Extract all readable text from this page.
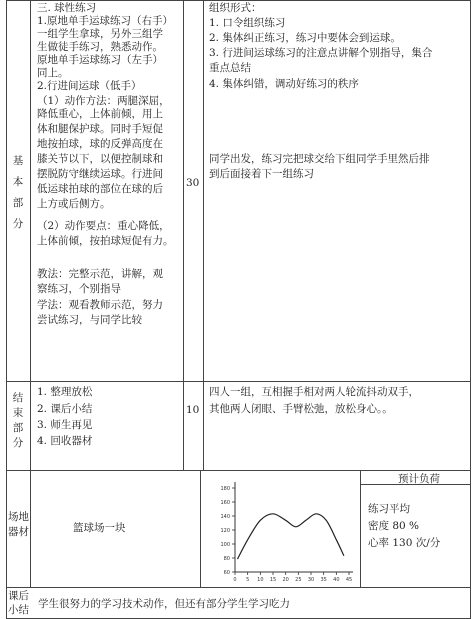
基
本
部
分
三. 球性练习
1.原地单手运球练习（右手）
一组学生拿球，另外三组学
生做徒手练习，熟悉动作。
原地单手运球练习（左手）
同上。
2.行进间运球（低手）
（1）动作方法：两腿深屈，
降低重心，上体前倾，用上
体和腿保护球。同时手短促
地按拍球，球的反弹高度在
膝关节以下，以便控制球和
摆脱防守继续运球。行进间
低运球拍球的部位在球的后
上方或后侧方。
（2）动作要点：重心降低，
上体前倾，按拍球短促有力。
教法：完整示范，讲解，观
察练习，个别指导
学法：观看教师示范，努力
尝试练习，与同学比较
30
组织形式：
1. 口令组织练习
2. 集体纠正练习，练习中要体会到运球。
3. 行进间运球练习的注意点讲解个别指导，集合
重点总结
4. 集体纠错，调动好练习的秩序
同学出发，练习完把球交给下组同学手里然后排
到后面接着下一组练习
结
束
部
分
1. 整理放松
2. 课后小结
3. 师生再见
4. 回收器材
10
四人一组，互相握手相对两人轮流抖动双手，
其他两人闭眼、手臂松弛，放松身心。。
场地
器材	篮球场一块
60
80
100
120
140
160
180
0 5 10 15 20 25 30 35 40 45
预计负荷
练习平均
密度 80 %
心率 130 次/分
课后
小结 学生很努力的学习技术动作，但还有部分学生学习吃力
